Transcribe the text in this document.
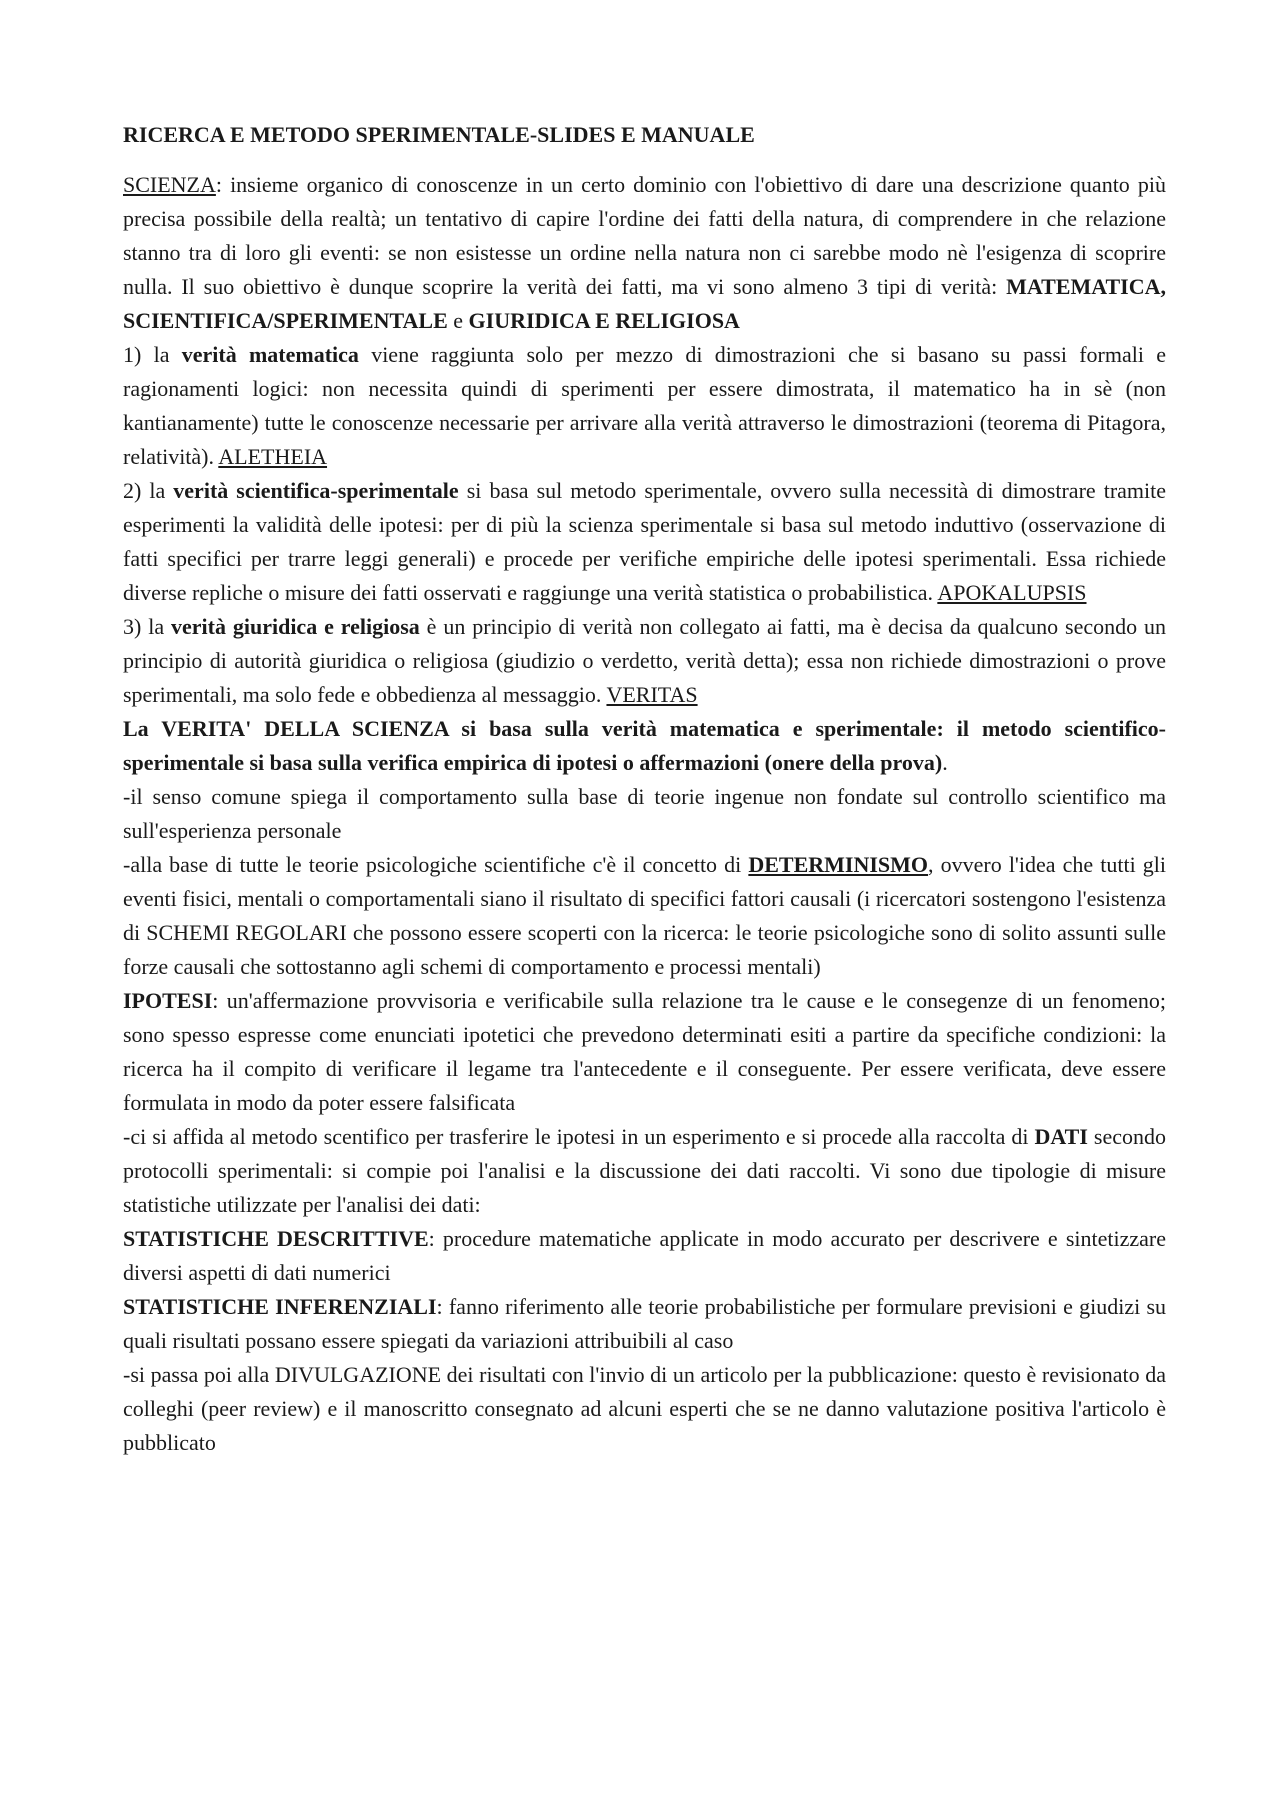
RICERCA E METODO SPERIMENTALE-SLIDES E MANUALE

SCIENZA: insieme organico di conoscenze in un certo dominio con l'obiettivo di dare una descrizione quanto più precisa possibile della realtà; un tentativo di capire l'ordine dei fatti della natura, di comprendere in che relazione stanno tra di loro gli eventi: se non esistesse un ordine nella natura non ci sarebbe modo nè l'esigenza di scoprire nulla. Il suo obiettivo è dunque scoprire la verità dei fatti, ma vi sono almeno 3 tipi di verità: MATEMATICA, SCIENTIFICA/SPERIMENTALE e GIURIDICA E RELIGIOSA

1) la verità matematica viene raggiunta solo per mezzo di dimostrazioni che si basano su passi formali e ragionamenti logici: non necessita quindi di sperimenti per essere dimostrata, il matematico ha in sè (non kantianamente) tutte le conoscenze necessarie per arrivare alla verità attraverso le dimostrazioni (teorema di Pitagora, relatività). ALETHEIA

2) la verità scientifica-sperimentale si basa sul metodo sperimentale, ovvero sulla necessità di dimostrare tramite esperimenti la validità delle ipotesi: per di più la scienza sperimentale si basa sul metodo induttivo (osservazione di fatti specifici per trarre leggi generali) e procede per verifiche empiriche delle ipotesi sperimentali. Essa richiede diverse repliche o misure dei fatti osservati e raggiunge una verità statistica o probabilistica. APOKALUPSIS

3) la verità giuridica e religiosa è un principio di verità non collegato ai fatti, ma è decisa da qualcuno secondo un principio di autorità giuridica o religiosa (giudizio o verdetto, verità detta); essa non richiede dimostrazioni o prove sperimentali, ma solo fede e obbedienza al messaggio. VERITAS

La VERITA' DELLA SCIENZA si basa sulla verità matematica e sperimentale: il metodo scientifico-sperimentale si basa sulla verifica empirica di ipotesi o affermazioni (onere della prova).

-il senso comune spiega il comportamento sulla base di teorie ingenue non fondate sul controllo scientifico ma sull'esperienza personale

-alla base di tutte le teorie psicologiche scientifiche c'è il concetto di DETERMINISMO, ovvero l'idea che tutti gli eventi fisici, mentali o comportamentali siano il risultato di specifici fattori causali (i ricercatori sostengono l'esistenza di SCHEMI REGOLARI che possono essere scoperti con la ricerca: le teorie psicologiche sono di solito assunti sulle forze causali che sottostanno agli schemi di comportamento e processi mentali)

IPOTESI: un'affermazione provvisoria e verificabile sulla relazione tra le cause e le consegenze di un fenomeno; sono spesso espresse come enunciati ipotetici che prevedono determinati esiti a partire da specifiche condizioni: la ricerca ha il compito di verificare il legame tra l'antecedente e il conseguente. Per essere verificata, deve essere formulata in modo da poter essere falsificata

-ci si affida al metodo scentifico per trasferire le ipotesi in un esperimento e si procede alla raccolta di DATI secondo protocolli sperimentali: si compie poi l'analisi e la discussione dei dati raccolti. Vi sono due tipologie di misure statistiche utilizzate per l'analisi dei dati:

STATISTICHE DESCRITTIVE: procedure matematiche applicate in modo accurato per descrivere e sintetizzare diversi aspetti di dati numerici

STATISTICHE INFERENZIALI: fanno riferimento alle teorie probabilistiche per formulare previsioni e giudizi su quali risultati possano essere spiegati da variazioni attribuibili al caso

-si passa poi alla DIVULGAZIONE dei risultati con l'invio di un articolo per la pubblicazione: questo è revisionato da colleghi (peer review) e il manoscritto consegnato ad alcuni esperti che se ne danno valutazione positiva l'articolo è pubblicato
